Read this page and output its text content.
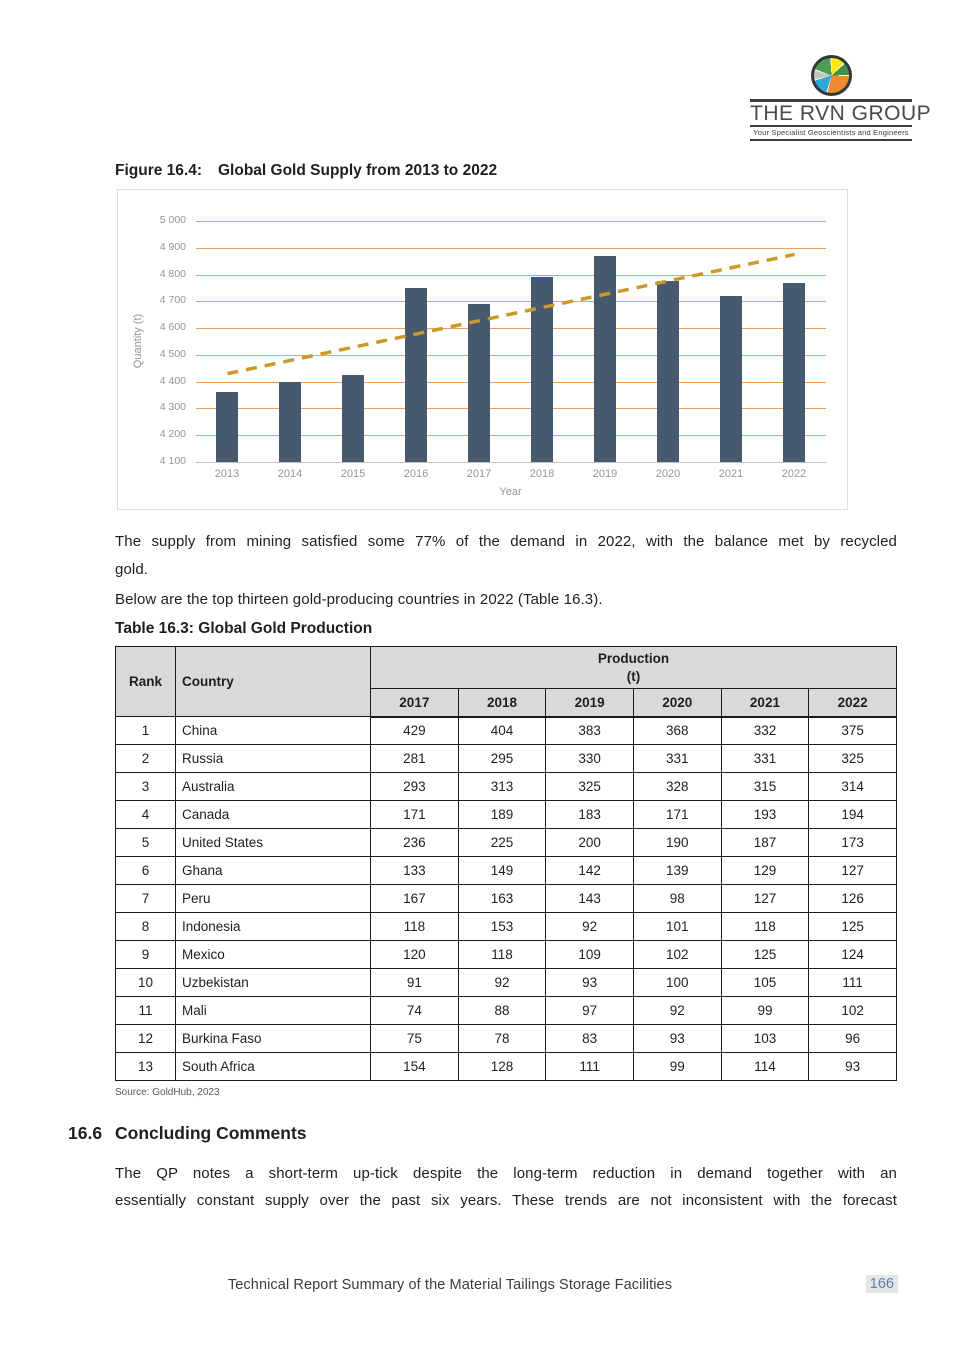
THE RVN GROUP
Your Specialist Geoscientists and Engineers
Figure 16.4: Global Gold Supply from 2013 to 2022
Quantity (t)
Year
4 100
4 200
4 300
4 400
4 500
4 600
4 700
4 800
4 900
5 000
2013	2014	2015	2016	2017	2018	2019	2020	2021	2022
The supply from mining satisfied some 77% of the demand in 2022, with the balance met by recycled
gold.
Below are the top thirteen gold-producing countries in 2022 (Table 16.3).
Table 16.3: Global Gold Production
Rank	Country	Production
(t)					
		2017	2018	2019	2020	2021	2022
1	China	429	404	383	368	332	375
2	Russia	281	295	330	331	331	325
3	Australia	293	313	325	328	315	314
4	Canada	171	189	183	171	193	194
5	United States	236	225	200	190	187	173
6	Ghana	133	149	142	139	129	127
7	Peru	167	163	143	98	127	126
8	Indonesia	118	153	92	101	118	125
9	Mexico	120	118	109	102	125	124
10	Uzbekistan	91	92	93	100	105	111
11	Mali	74	88	97	92	99	102
12	Burkina Faso	75	78	83	93	103	96
13	South Africa	154	128	111	99	114	93
Source: GoldHub, 2023
16.6 Concluding Comments
The QP notes a short-term up-tick despite the long-term reduction in demand together with an
essentially constant supply over the past six years. These trends are not inconsistent with the forecast
Technical Report Summary of the Material Tailings Storage Facilities	166
